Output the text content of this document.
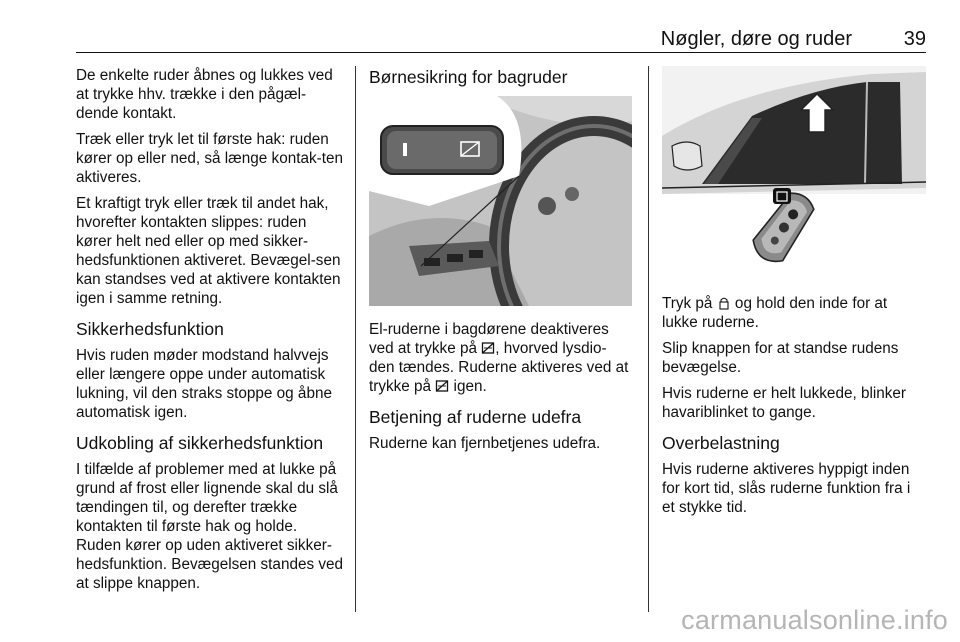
Nøgler, døre og ruder	39

De enkelte ruder åbnes og lukkes ved at trykke hhv. trække i den pågæl-dende kontakt.

Træk eller tryk let til første hak: ruden kører op eller ned, så længe kontak-ten aktiveres.

Et kraftigt tryk eller træk til andet hak, hvorefter kontakten slippes: ruden kører helt ned eller op med sikker-hedsfunktionen aktiveret. Bevægel-sen kan standses ved at aktivere kontakten igen i samme retning.

Sikkerhedsfunktion

Hvis ruden møder modstand halvvejs eller længere oppe under automatisk lukning, vil den straks stoppe og åbne automatisk igen.

Udkobling af sikkerhedsfunktion

I tilfælde af problemer med at lukke på grund af frost eller lignende skal du slå tændingen til, og derefter trække kontakten til første hak og holde. Ruden kører op uden aktiveret sikker-hedsfunktion. Bevægelsen standes ved at slippe knappen.

Børnesikring for bagruder

El-ruderne i bagdørene deaktiveres ved at trykke på , hvorved lysdio-den tændes. Ruderne aktiveres ved at trykke på  igen.

Betjening af ruderne udefra

Ruderne kan fjernbetjenes udefra.

Tryk på  og hold den inde for at lukke ruderne.

Slip knappen for at standse rudens bevægelse.

Hvis ruderne er helt lukkede, blinker havariblinket to gange.

Overbelastning

Hvis ruderne aktiveres hyppigt inden for kort tid, slås ruderne funktion fra i et stykke tid.

carmanualsonline.info
